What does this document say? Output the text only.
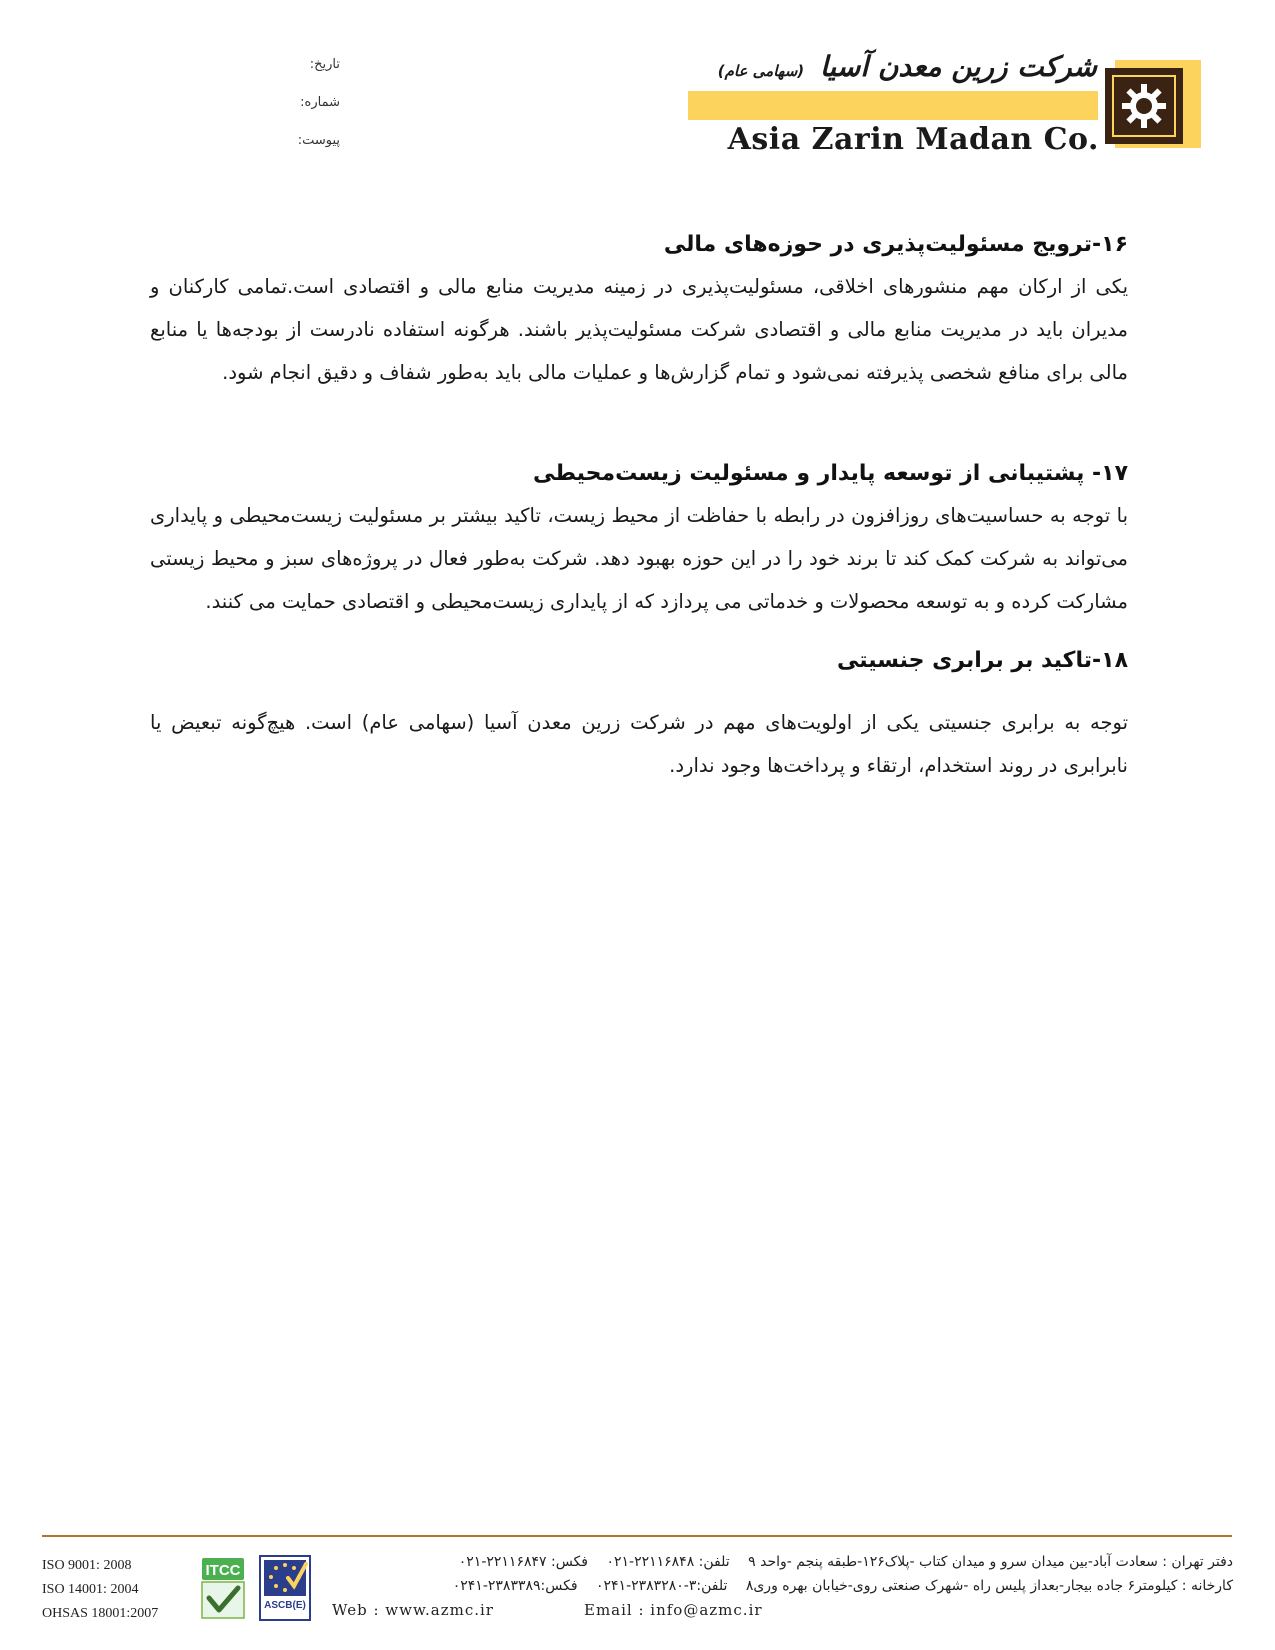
تاریخ:
شماره:
پیوست:
شرکت زرین معدن آسیا (سهامی عام)
Asia Zarin Madan Co.
۱۶-ترویج مسئولیت‌پذیری در حوزه‌های مالی

یکی از ارکان مهم منشورهای اخلاقی، مسئولیت‌پذیری در زمینه مدیریت منابع مالی و اقتصادی است.تمامی کارکنان و مدیران باید در مدیریت منابع مالی و اقتصادی شرکت مسئولیت‌پذیر باشند. هرگونه استفاده نادرست از بودجه‌ها یا منابع مالی برای منافع شخصی پذیرفته نمی‌شود و تمام گزارش‌ها و عملیات مالی باید به‌طور شفاف و دقیق انجام شود.

۱۷- پشتیبانی از توسعه پایدار و مسئولیت زیست‌محیطی

با توجه به حساسیت‌های روزافزون در رابطه با حفاظت از محیط زیست، تاکید بیشتر بر مسئولیت زیست‌محیطی و پایداری می‌تواند به شرکت کمک کند تا برند خود را در این حوزه بهبود دهد. شرکت به‌طور فعال در پروژه‌های سبز و محیط زیستی مشارکت کرده و به توسعه محصولات و خدماتی می پردازد که از پایداری زیست‌محیطی و اقتصادی حمایت می کنند.

۱۸-تاکید بر برابری جنسیتی

توجه به برابری جنسیتی یکی از اولویت‌های مهم در شرکت زرین معدن آسیا (سهامی عام) است. هیچ‌گونه تبعیض یا نابرابری در روند استخدام، ارتقاء و پرداخت‌ها وجود ندارد.

ISO 9001: 2008
ISO 14001: 2004
OHSAS 18001:2007
ITCC
ASCB(E)
دفتر تهران : سعادت آباد-بین میدان سرو و میدان کتاب -پلاک۱۲۶-طبقه پنجم -واحد ۹ تلفن: ۲۲۱۱۶۸۴۸-۰۲۱ فکس: ۲۲۱۱۶۸۴۷-۰۲۱
کارخانه : کیلومتر۶ جاده بیجار-بعداز پلیس راه -شهرک صنعتی روی-خیابان بهره وری۸ تلفن:۳-۲۳۸۳۲۸۰-۰۲۴۱ فکس:۲۳۸۳۳۸۹-۰۲۴۱
Web : www.azmc.ir	Email : info@azmc.ir
